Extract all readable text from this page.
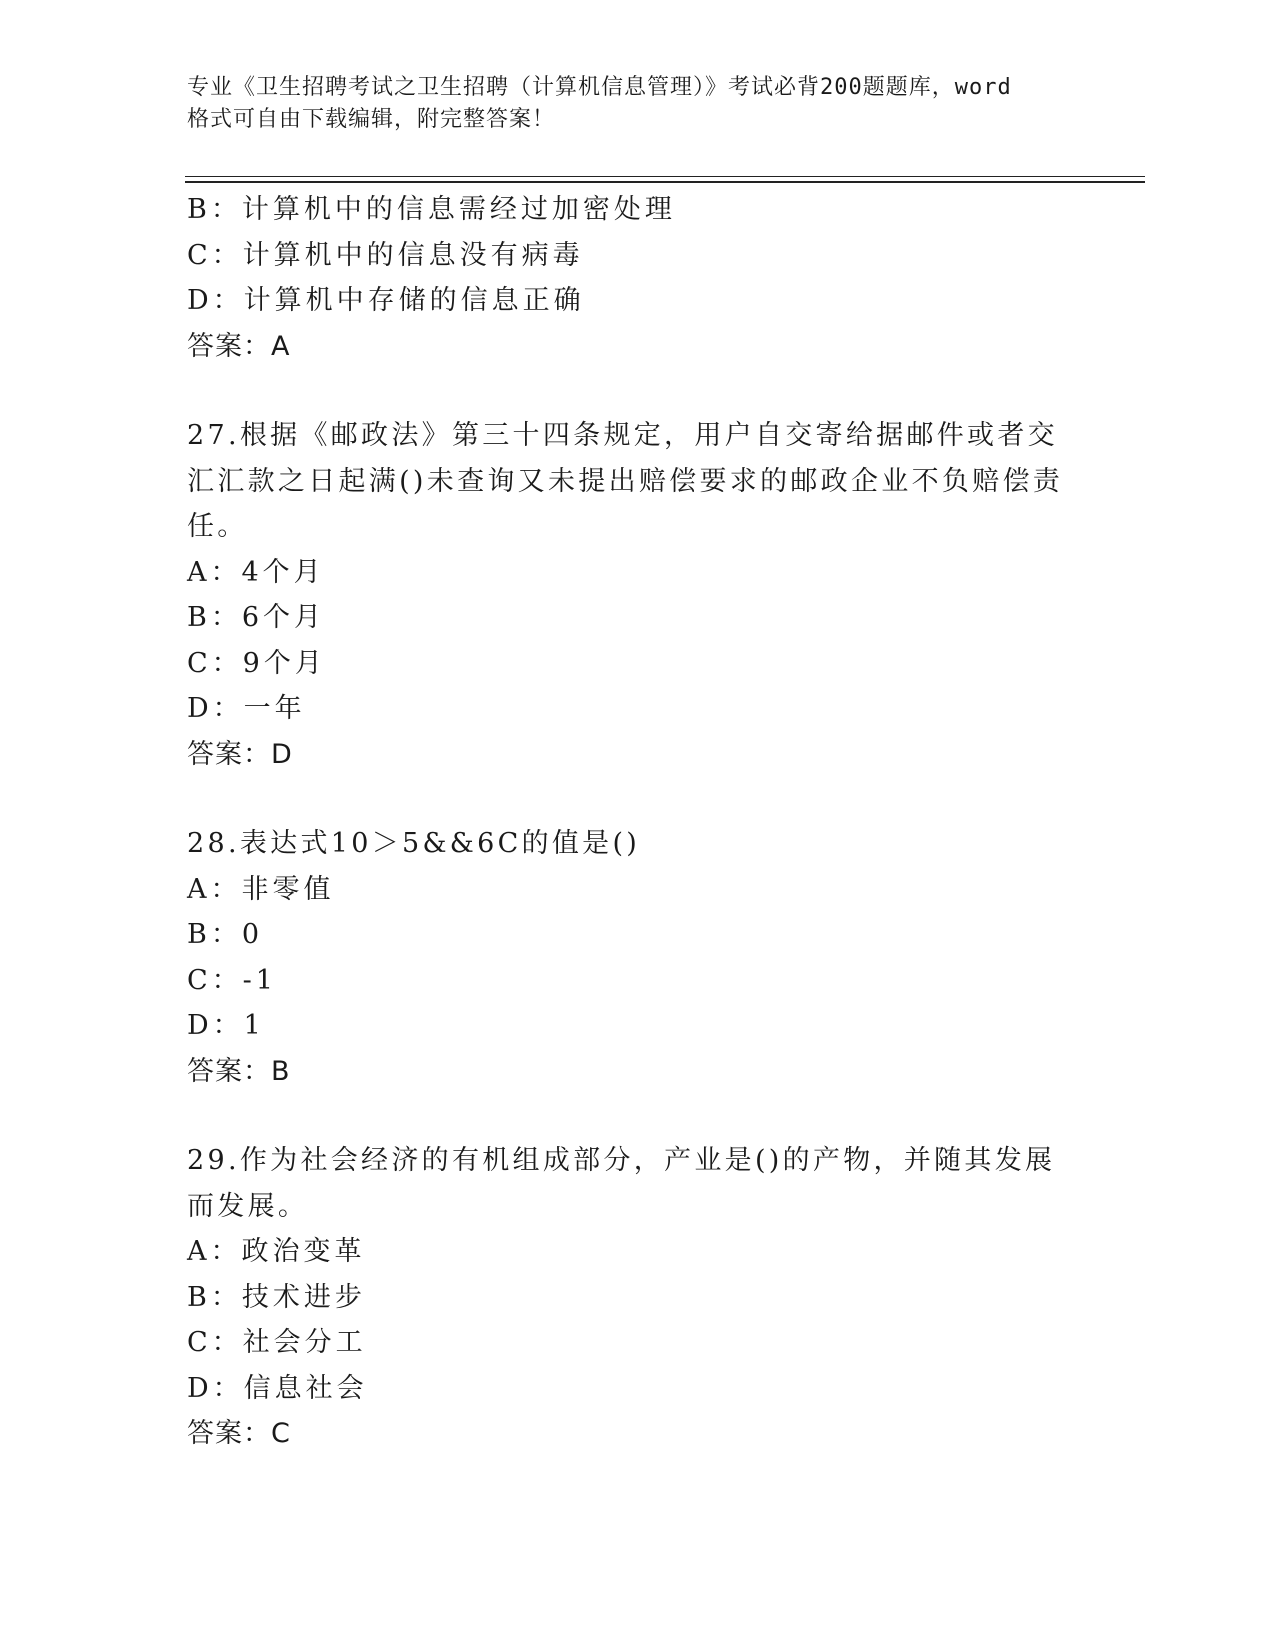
专业《卫生招聘考试之卫生招聘（计算机信息管理）》考试必背200题题库，word
格式可自由下载编辑，附完整答案！
B：计算机中的信息需经过加密处理
C：计算机中的信息没有病毒
D：计算机中存储的信息正确
答案：A
27.根据《邮政法》第三十四条规定，用户自交寄给据邮件或者交汇汇款之日起满()未查询又未提出赔偿要求的邮政企业不负赔偿责任。
A：4个月
B：6个月
C：9个月
D：一年
答案：D
28.表达式10＞5&&6C的值是()
A：非零值
B：0
C：-1
D：1
答案：B
29.作为社会经济的有机组成部分，产业是()的产物，并随其发展而发展。
A：政治变革
B：技术进步
C：社会分工
D：信息社会
答案：C
